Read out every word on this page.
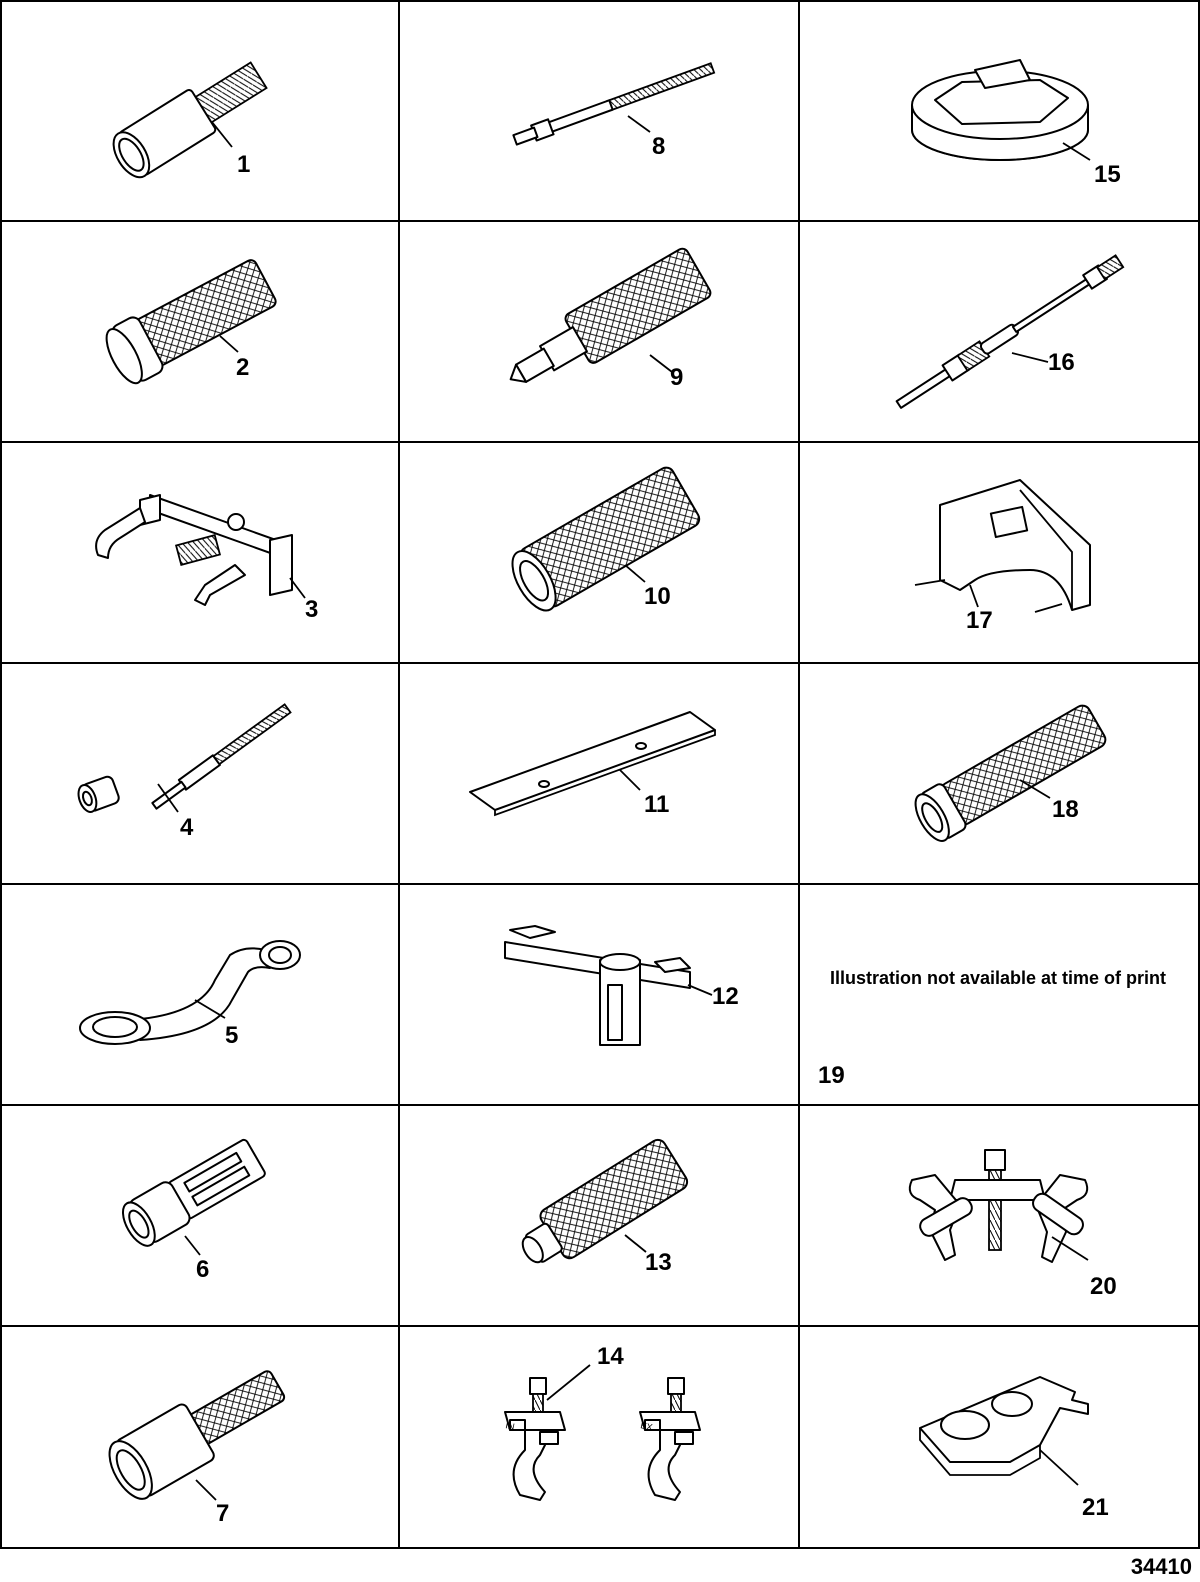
1
2
3
4
5
6
7
8
9
10
11
12
13
IN	EX
14
15
16
17
18
Illustration not available at time of print
19
20
21
34410
